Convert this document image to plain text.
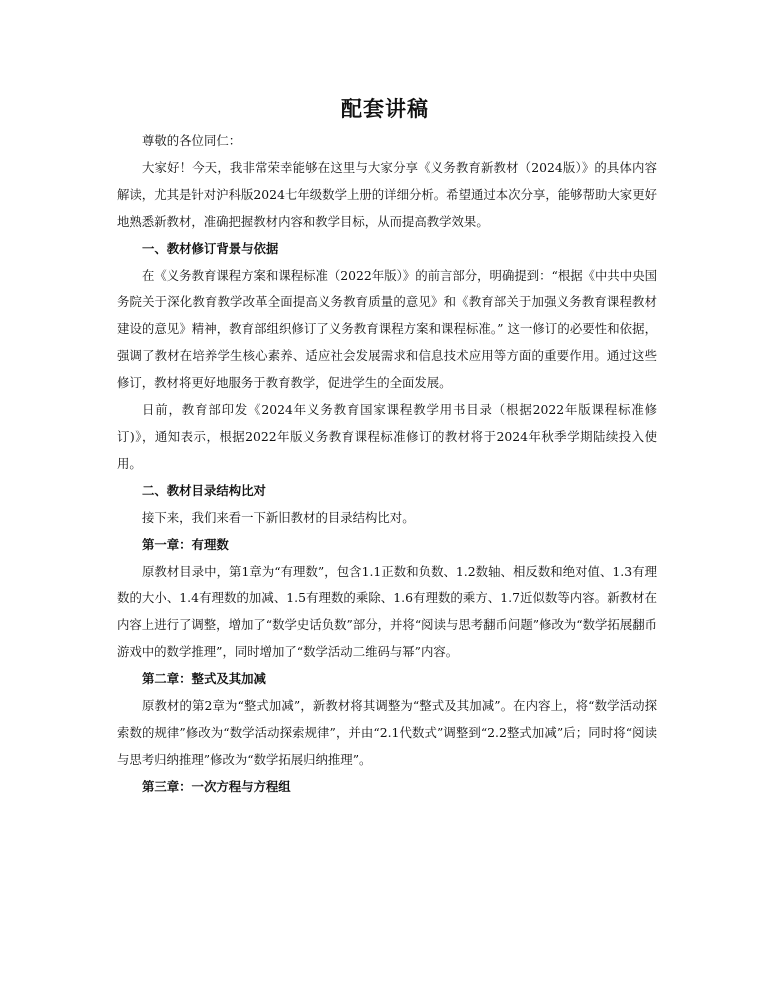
配套讲稿

尊敬的各位同仁：

大家好！今天，我非常荣幸能够在这里与大家分享《义务教育新教材（2024版）》的具体内容解读，尤其是针对沪科版2024七年级数学上册的详细分析。希望通过本次分享，能够帮助大家更好地熟悉新教材，准确把握教材内容和教学目标，从而提高教学效果。

一、教材修订背景与依据

在《义务教育课程方案和课程标准（2022年版）》的前言部分，明确提到：“根据《中共中央国务院关于深化教育教学改革全面提高义务教育质量的意见》和《教育部关于加强义务教育课程教材建设的意见》精神，教育部组织修订了义务教育课程方案和课程标准。” 这一修订的必要性和依据，强调了教材在培养学生核心素养、适应社会发展需求和信息技术应用等方面的重要作用。通过这些修订，教材将更好地服务于教育教学，促进学生的全面发展。

日前，教育部印发《2024年义务教育国家课程教学用书目录（根据2022年版课程标准修订)》，通知表示，根据2022年版义务教育课程标准修订的教材将于2024年秋季学期陆续投入使用。

二、教材目录结构比对

接下来，我们来看一下新旧教材的目录结构比对。

第一章：有理数

原教材目录中，第1章为“有理数”，包含1.1正数和负数、1.2数轴、相反数和绝对值、1.3有理数的大小、1.4有理数的加减、1.5有理数的乘除、1.6有理数的乘方、1.7近似数等内容。新教材在内容上进行了调整，增加了“数学史话负数”部分，并将“阅读与思考翻币问题”修改为“数学拓展翻币游戏中的数学推理”，同时增加了“数学活动二维码与幂”内容。

第二章：整式及其加减

原教材的第2章为“整式加减”，新教材将其调整为“整式及其加减”。在内容上，将“数学活动探索数的规律”修改为“数学活动探索规律”，并由“2.1代数式”调整到“2.2整式加减”后；同时将“阅读与思考归纳推理”修改为“数学拓展归纳推理”。

第三章：一次方程与方程组
